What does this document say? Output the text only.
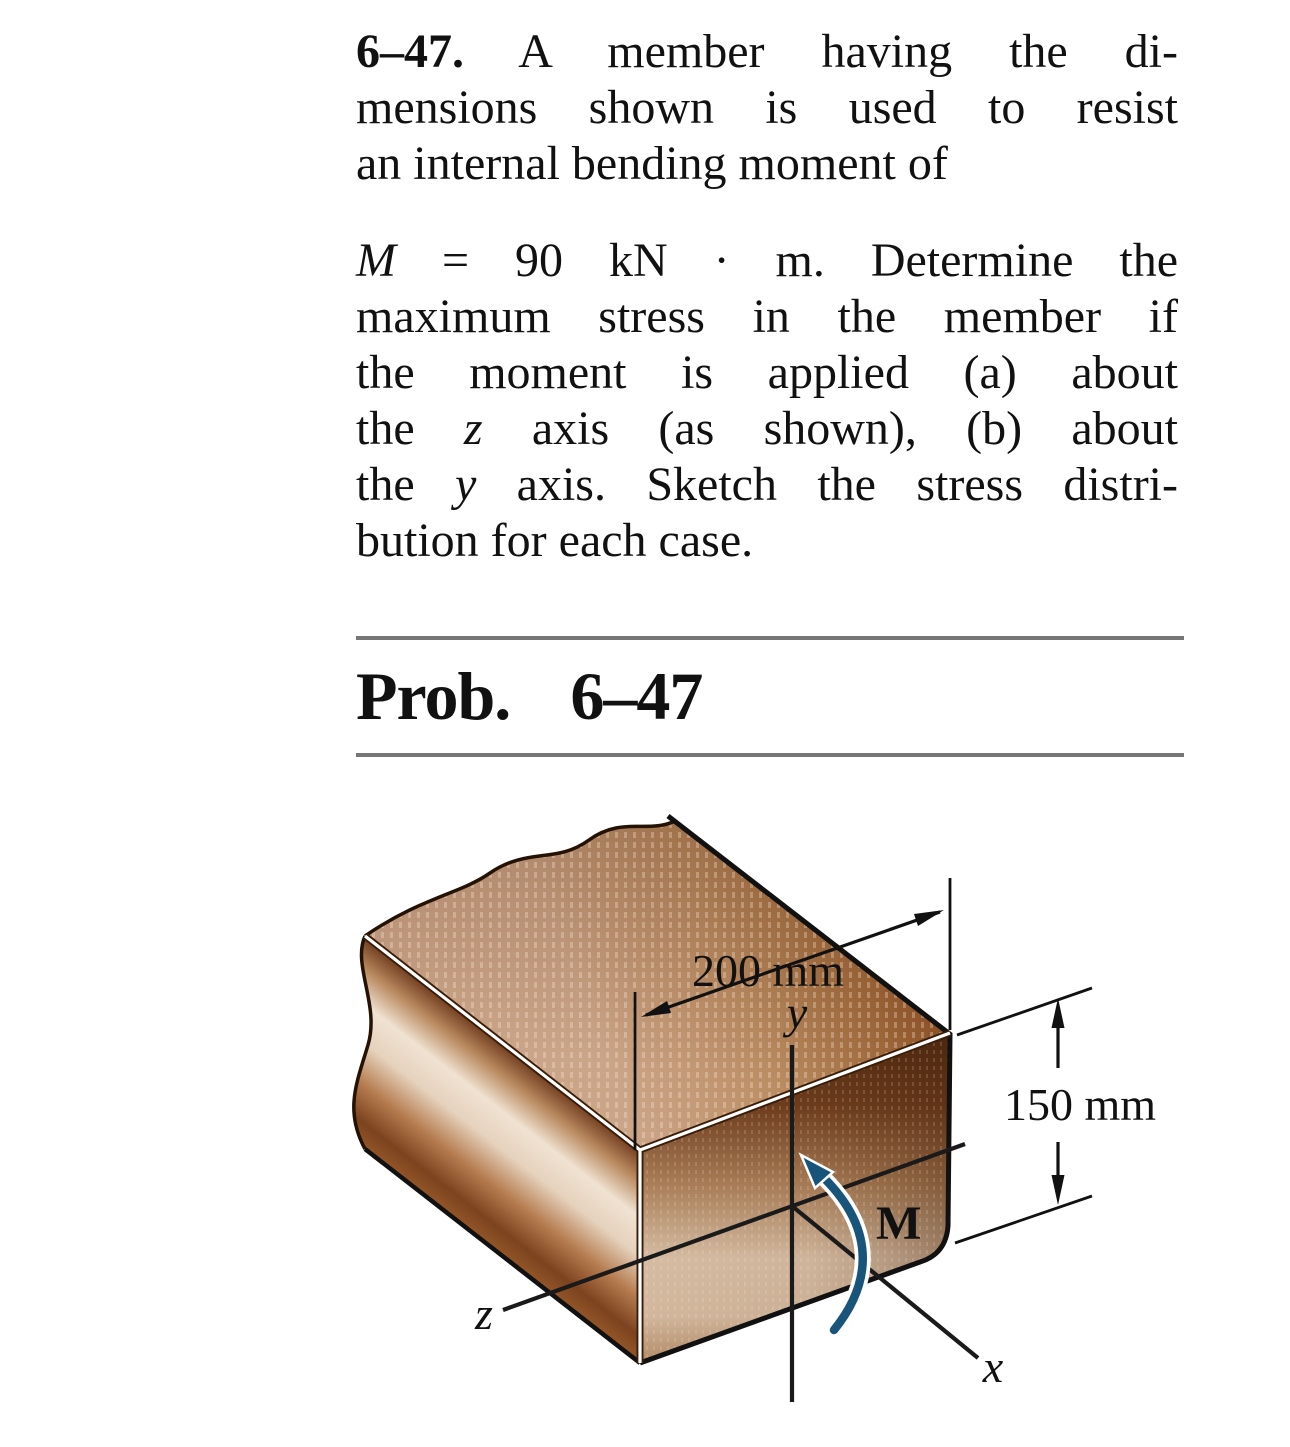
6–47. A member having the di-
mensions shown is used to resist
an internal bending moment of
M = 90 kN · m. Determine the
maximum stress in the member if
the moment is applied (a) about
the z axis (as shown), (b) about
the y axis. Sketch the stress distri-
bution for each case.
Prob. 6–47
200 mm
150 mm
y
z
x
M
